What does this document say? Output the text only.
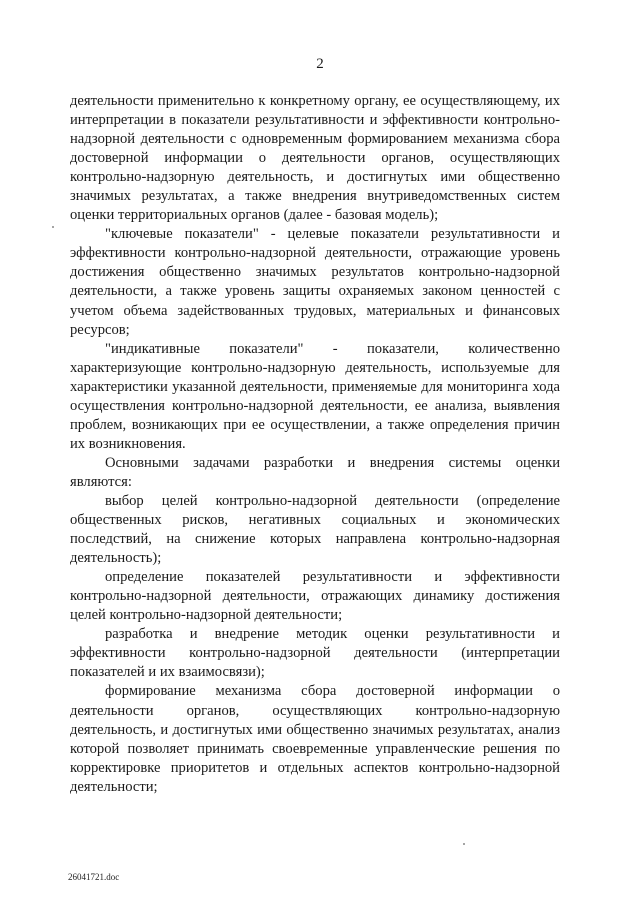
2

деятельности применительно к конкретному органу, ее осуществляющему, их интерпретации в показатели результативности и эффективности контрольно-надзорной деятельности с одновременным формированием механизма сбора достоверной информации о деятельности органов, осуществляющих контрольно-надзорную деятельность, и достигнутых ими общественно значимых результатах, а также внедрения внутриведомственных систем оценки территориальных органов (далее - базовая модель);

"ключевые показатели" - целевые показатели результативности и эффективности контрольно-надзорной деятельности, отражающие уровень достижения общественно значимых результатов контрольно-надзорной деятельности, а также уровень защиты охраняемых законом ценностей с учетом объема задействованных трудовых, материальных и финансовых ресурсов;

"индикативные показатели" - показатели, количественно характеризующие контрольно-надзорную деятельность, используемые для характеристики указанной деятельности, применяемые для мониторинга хода осуществления контрольно-надзорной деятельности, ее анализа, выявления проблем, возникающих при ее осуществлении, а также определения причин их возникновения.

Основными задачами разработки и внедрения системы оценки являются:

выбор целей контрольно-надзорной деятельности (определение общественных рисков, негативных социальных и экономических последствий, на снижение которых направлена контрольно-надзорная деятельность);

определение показателей результативности и эффективности контрольно-надзорной деятельности, отражающих динамику достижения целей контрольно-надзорной деятельности;

разработка и внедрение методик оценки результативности и эффективности контрольно-надзорной деятельности (интерпретации показателей и их взаимосвязи);

формирование механизма сбора достоверной информации о деятельности органов, осуществляющих контрольно-надзорную деятельность, и достигнутых ими общественно значимых результатах, анализ которой позволяет принимать своевременные управленческие решения по корректировке приоритетов и отдельных аспектов контрольно-надзорной деятельности;

26041721.doc
